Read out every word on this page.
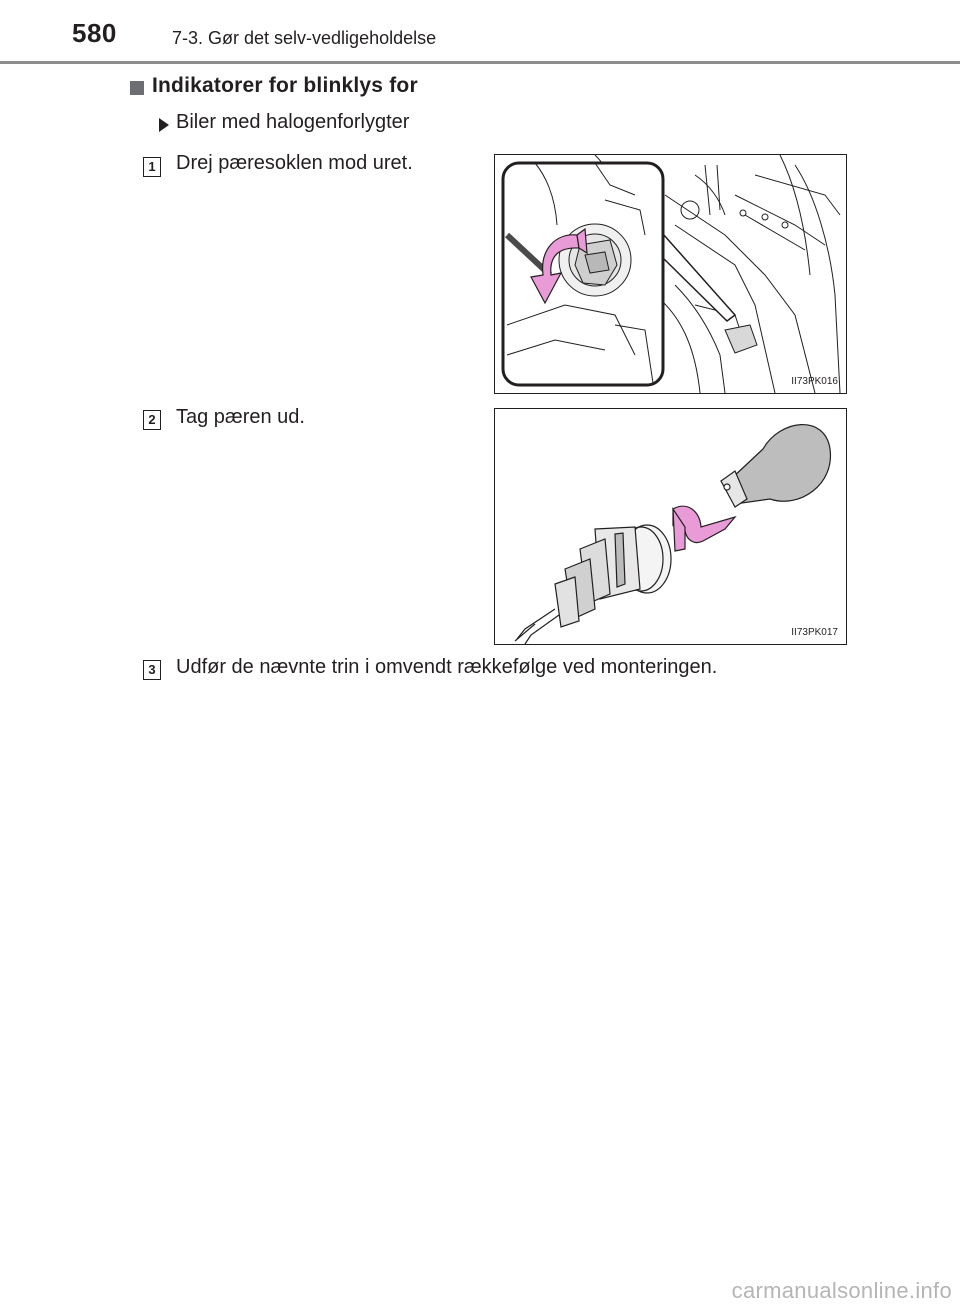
580	7-3. Gør det selv-vedligeholdelse
Indikatorer for blinklys for
Biler med halogenforlygter
1 Drej pæresoklen mod uret.
II73PK016
2 Tag pæren ud.
II73PK017
3 Udfør de nævnte trin i omvendt rækkefølge ved monteringen.
carmanualsonline.info
